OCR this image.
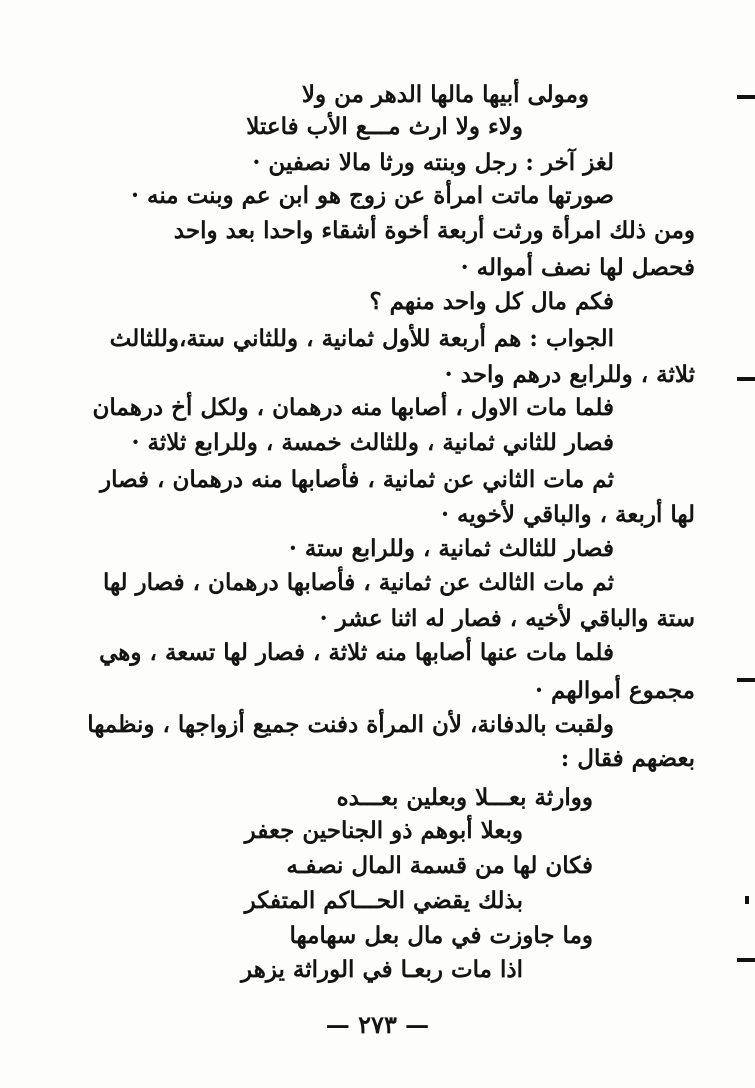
ومولى أبيها مالها الدهر من ولا
ولاء ولا ارث مـــع الأب فاعتلا
لغز آخر : رجل وبنته ورثا مالا نصفين ·
صورتها ماتت امرأة عن زوج هو ابن عم وبنت منه ·
ومن ذلك امرأة ورثت أربعة أخوة أشقاء واحدا بعد واحد
فحصل لها نصف أمواله ·
فكم مال كل واحد منهم ؟
الجواب : هم أربعة للأول ثمانية ، وللثاني ستة،وللثالث
ثلاثة ، وللرابع درهم واحد ·
فلما مات الاول ، أصابها منه درهمان ، ولكل أخ درهمان
فصار للثاني ثمانية ، وللثالث خمسة ، وللرابع ثلاثة ·
ثم مات الثاني عن ثمانية ، فأصابها منه درهمان ، فصار
لها أربعة ، والباقي لأخويه ·
فصار للثالث ثمانية ، وللرابع ستة ·
ثم مات الثالث عن ثمانية ، فأصابها درهمان ، فصار لها
ستة والباقي لأخيه ، فصار له اثنا عشر ·
فلما مات عنها أصابها منه ثلاثة ، فصار لها تسعة ، وهي
مجموع أموالهم ·
ولقبت بالدفانة، لأن المرأة دفنت جميع أزواجها ، ونظمها
بعضهم فقال :
ووارثة بعـــلا وبعلين بعـــده
وبعلا أبوهم ذو الجناحين جعفر
فكان لها من قسمة المال نصفـه
بذلك يقضي الحـــاكم المتفكر
وما جاوزت في مال بعل سهامها
اذا مات ربعـا في الوراثة يزهر
— ٢٧٣ —
